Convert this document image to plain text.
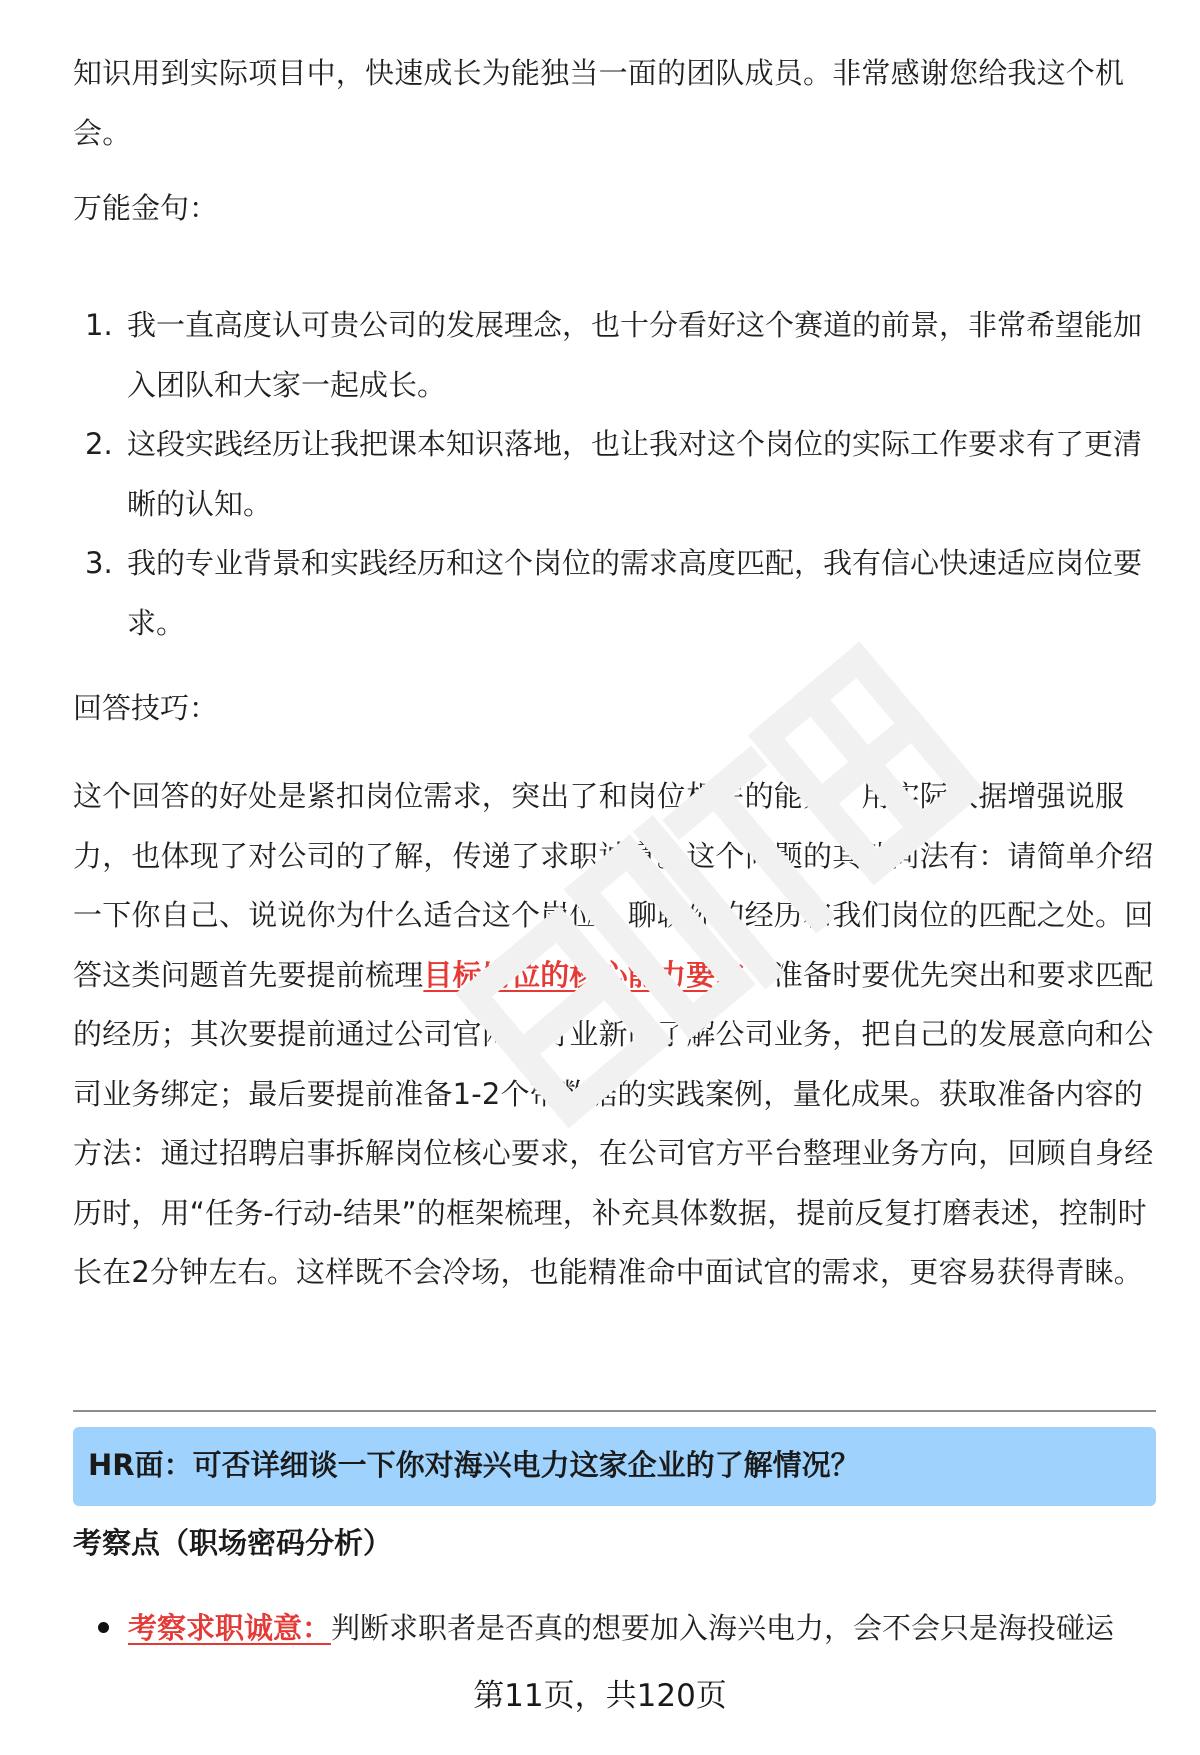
知识用到实际项目中，快速成长为能独当一面的团队成员。非常感谢您给我这个机会。

万能金句：

1. 我一直高度认可贵公司的发展理念，也十分看好这个赛道的前景，非常希望能加入团队和大家一起成长。
2. 这段实践经历让我把课本知识落地，也让我对这个岗位的实际工作要求有了更清晰的认知。
3. 我的专业背景和实践经历和这个岗位的需求高度匹配，我有信心快速适应岗位要求。

回答技巧：

这个回答的好处是紧扣岗位需求，突出了和岗位相关的能力，用实际数据增强说服力，也体现了对公司的了解，传递了求职诚意。这个问题的其他问法有：请简单介绍一下你自己、说说你为什么适合这个岗位、聊聊你的经历和我们岗位的匹配之处。回答这类问题首先要提前梳理目标岗位的核心能力要求，准备时要优先突出和要求匹配的经历；其次要提前通过公司官网、行业新闻了解公司业务，把自己的发展意向和公司业务绑定；最后要提前准备1-2个带数据的实践案例，量化成果。获取准备内容的方法：通过招聘启事拆解岗位核心要求，在公司官方平台整理业务方向，回顾自身经历时，用“任务-行动-结果”的框架梳理，补充具体数据，提前反复打磨表述，控制时长在2分钟左右。这样既不会冷场，也能精准命中面试官的需求，更容易获得青睐。

HR面：可否详细谈一下你对海兴电力这家企业的了解情况？

考察点（职场密码分析）

考察求职诚意：判断求职者是否真的想要加入海兴电力，会不会只是海投碰运
第11页，共120页
